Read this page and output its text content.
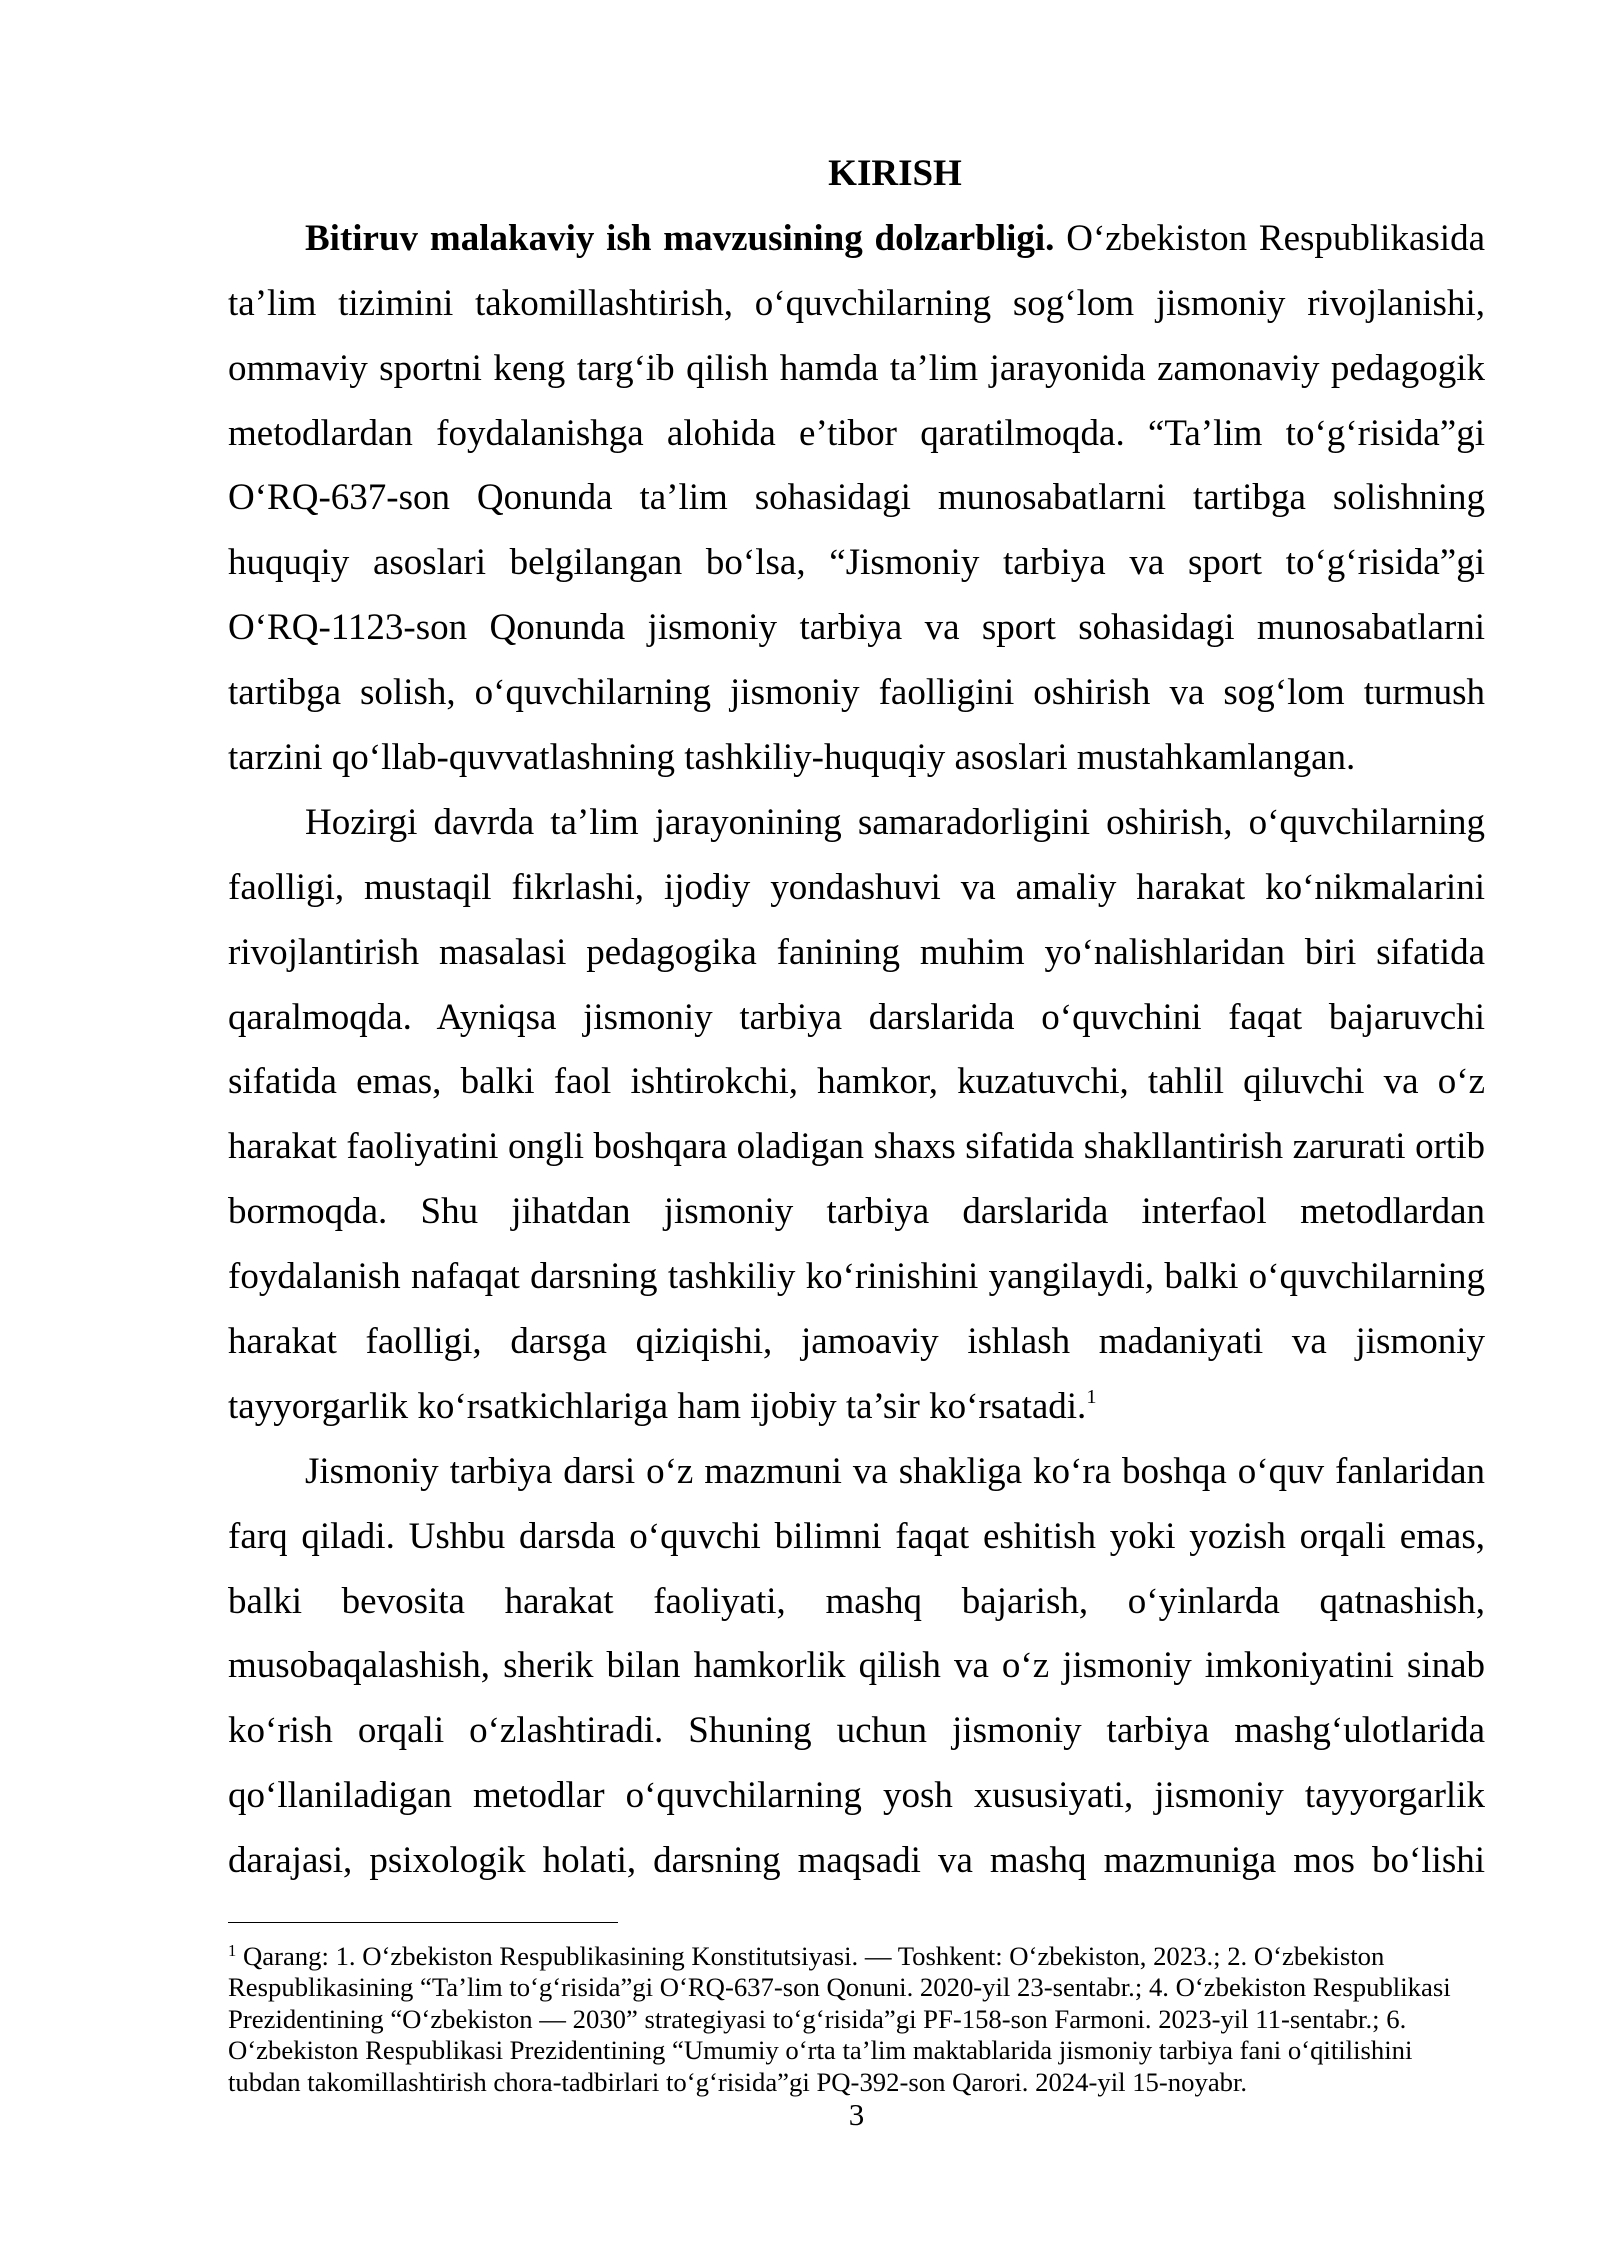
KIRISH
Bitiruv malakaviy ish mavzusining dolzarbligi. O‘zbekiston Respublikasida
ta’lim tizimini takomillashtirish, o‘quvchilarning sog‘lom jismoniy rivojlanishi,
ommaviy sportni keng targ‘ib qilish hamda ta’lim jarayonida zamonaviy pedagogik
metodlardan foydalanishga alohida e’tibor qaratilmoqda. “Ta’lim to‘g‘risida”gi
O‘RQ-637-son Qonunda ta’lim sohasidagi munosabatlarni tartibga solishning
huquqiy asoslari belgilangan bo‘lsa, “Jismoniy tarbiya va sport to‘g‘risida”gi
O‘RQ-1123-son Qonunda jismoniy tarbiya va sport sohasidagi munosabatlarni
tartibga solish, o‘quvchilarning jismoniy faolligini oshirish va sog‘lom turmush
tarzini qo‘llab-quvvatlashning tashkiliy-huquqiy asoslari mustahkamlangan.
Hozirgi davrda ta’lim jarayonining samaradorligini oshirish, o‘quvchilarning
faolligi, mustaqil fikrlashi, ijodiy yondashuvi va amaliy harakat ko‘nikmalarini
rivojlantirish masalasi pedagogika fanining muhim yo‘nalishlaridan biri sifatida
qaralmoqda. Ayniqsa jismoniy tarbiya darslarida o‘quvchini faqat bajaruvchi
sifatida emas, balki faol ishtirokchi, hamkor, kuzatuvchi, tahlil qiluvchi va o‘z
harakat faoliyatini ongli boshqara oladigan shaxs sifatida shakllantirish zarurati ortib
bormoqda. Shu jihatdan jismoniy tarbiya darslarida interfaol metodlardan
foydalanish nafaqat darsning tashkiliy ko‘rinishini yangilaydi, balki o‘quvchilarning
harakat faolligi, darsga qiziqishi, jamoaviy ishlash madaniyati va jismoniy
tayyorgarlik ko‘rsatkichlariga ham ijobiy ta’sir ko‘rsatadi.$^1$
Jismoniy tarbiya darsi o‘z mazmuni va shakliga ko‘ra boshqa o‘quv fanlaridan
farq qiladi. Ushbu darsda o‘quvchi bilimni faqat eshitish yoki yozish orqali emas,
balki bevosita harakat faoliyati, mashq bajarish, o‘yinlarda qatnashish,
musobaqalashish, sherik bilan hamkorlik qilish va o‘z jismoniy imkoniyatini sinab
ko‘rish orqali o‘zlashtiradi. Shuning uchun jismoniy tarbiya mashg‘ulotlarida
qo‘llaniladigan metodlar o‘quvchilarning yosh xususiyati, jismoniy tayyorgarlik
darajasi, psixologik holati, darsning maqsadi va mashq mazmuniga mos bo‘lishi
$^1$ Qarang: 1. O‘zbekiston Respublikasining Konstitutsiyasi. — Toshkent: O‘zbekiston, 2023.; 2. O‘zbekiston
Respublikasining “Ta’lim to‘g‘risida”gi O‘RQ-637-son Qonuni. 2020-yil 23-sentabr.; 4. O‘zbekiston Respublikasi
Prezidentining “O‘zbekiston — 2030” strategiyasi to‘g‘risida”gi PF-158-son Farmoni. 2023-yil 11-sentabr.; 6.
O‘zbekiston Respublikasi Prezidentining “Umumiy o‘rta ta’lim maktablarida jismoniy tarbiya fani o‘qitilishini
tubdan takomillashtirish chora-tadbirlari to‘g‘risida”gi PQ-392-son Qarori. 2024-yil 15-noyabr.
3
